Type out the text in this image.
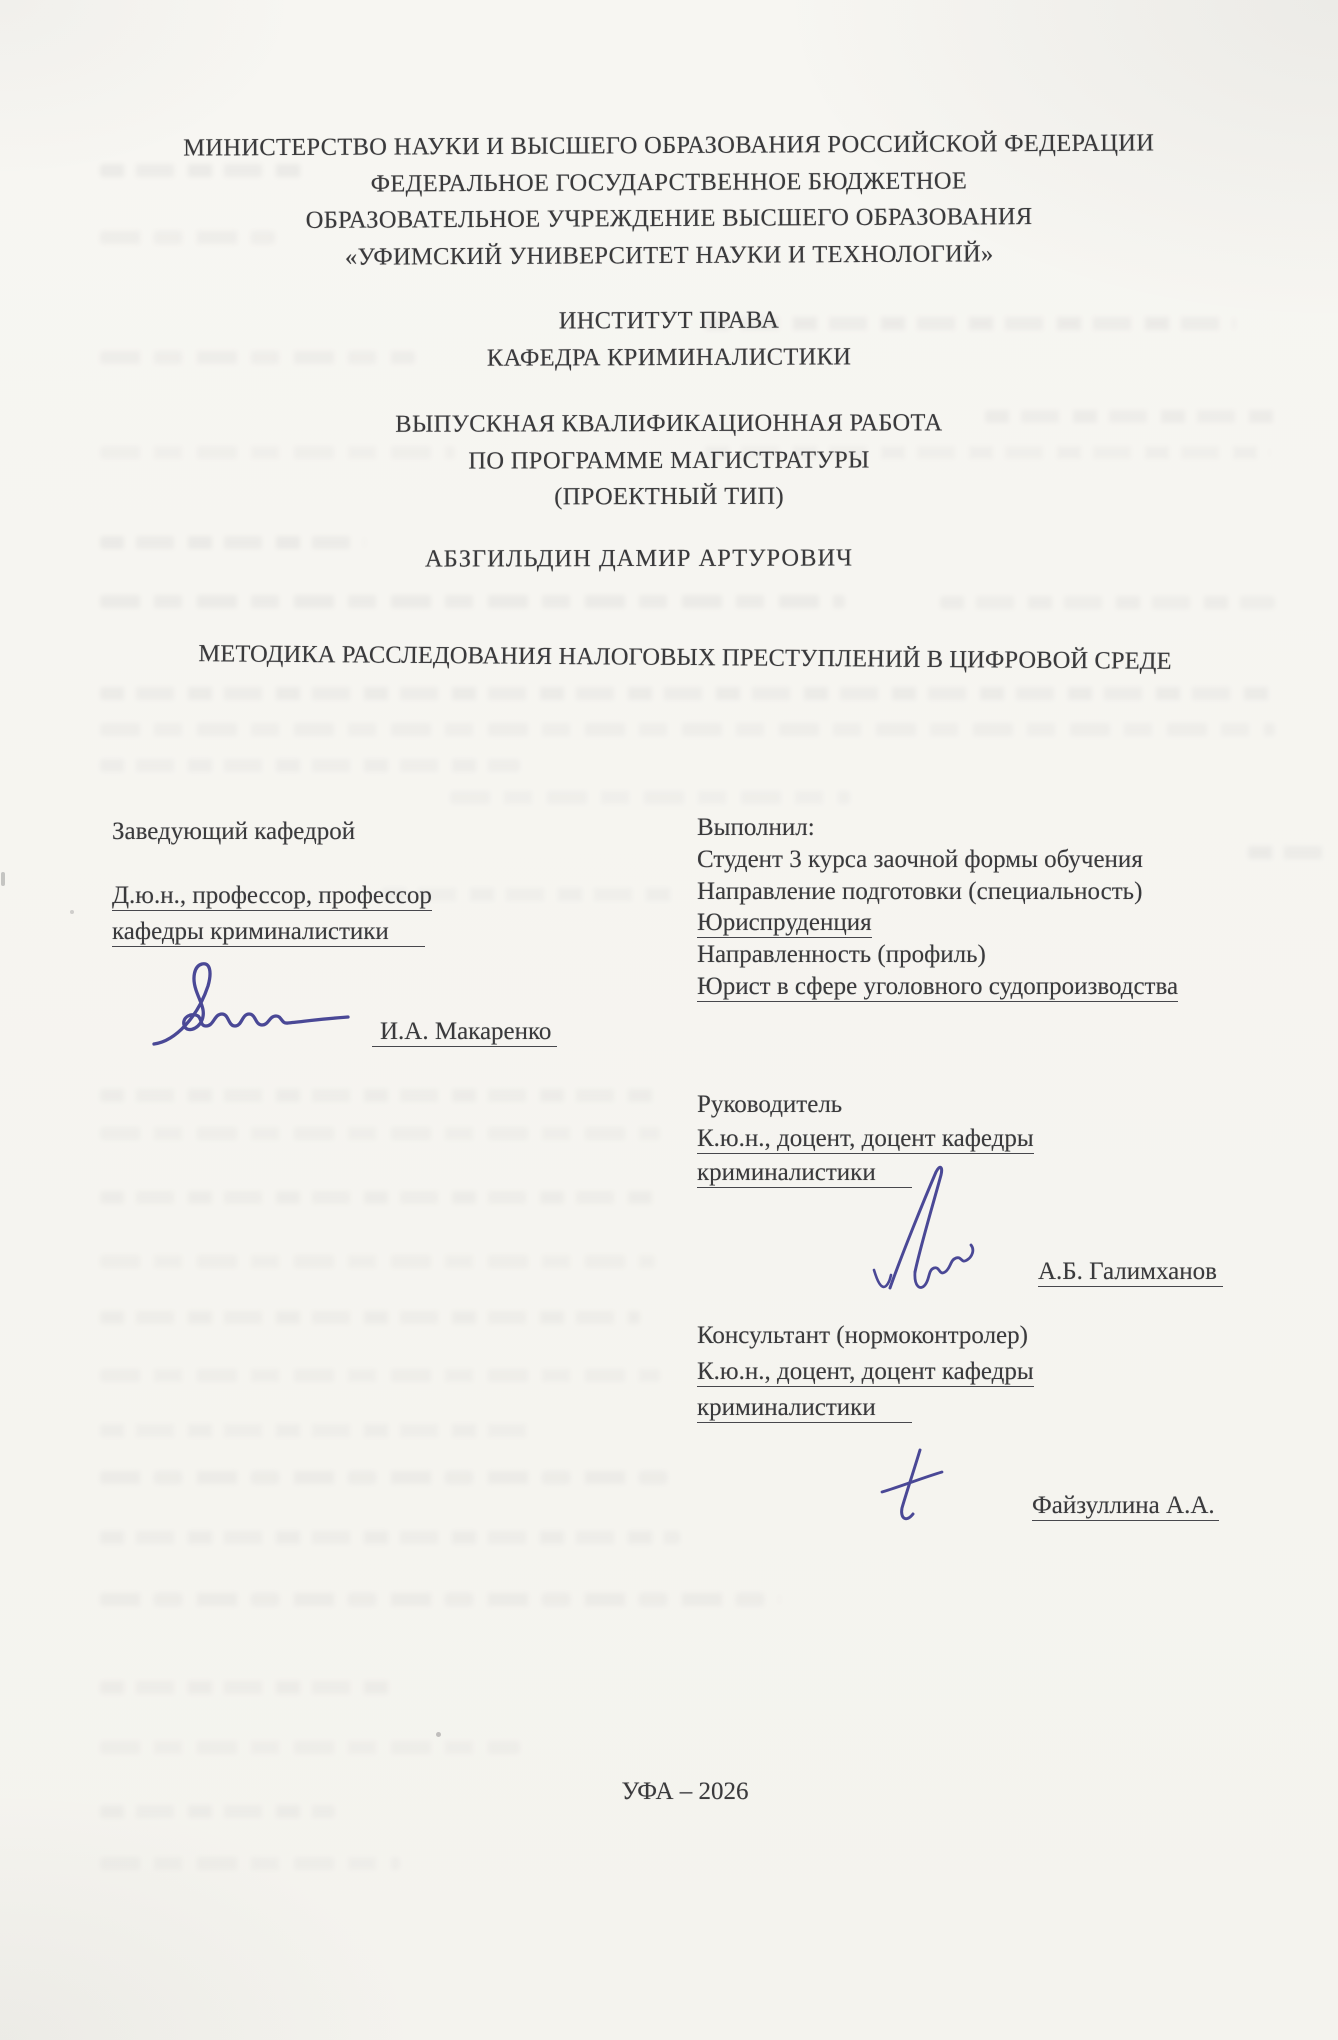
МИНИСТЕРСТВО НАУКИ И ВЫСШЕГО ОБРАЗОВАНИЯ РОССИЙСКОЙ ФЕДЕРАЦИИ
ФЕДЕРАЛЬНОЕ ГОСУДАРСТВЕННОЕ БЮДЖЕТНОЕ
ОБРАЗОВАТЕЛЬНОЕ УЧРЕЖДЕНИЕ ВЫСШЕГО ОБРАЗОВАНИЯ
«УФИМСКИЙ УНИВЕРСИТЕТ НАУКИ И ТЕХНОЛОГИЙ»
ИНСТИТУТ ПРАВА
КАФЕДРА КРИМИНАЛИСТИКИ
ВЫПУСКНАЯ КВАЛИФИКАЦИОННАЯ РАБОТА
ПО ПРОГРАММЕ МАГИСТРАТУРЫ
(ПРОЕКТНЫЙ ТИП)
АБЗГИЛЬДИН ДАМИР АРТУРОВИЧ
МЕТОДИКА РАССЛЕДОВАНИЯ НАЛОГОВЫХ ПРЕСТУПЛЕНИЙ В ЦИФРОВОЙ СРЕДЕ
Заведующий кафедрой
Д.ю.н., профессор, профессор
кафедры криминалистики
И.А. Макаренко
Выполнил:
Студент 3 курса заочной формы обучения
Направление подготовки (специальность)
Юриспруденция
Направленность (профиль)
Юрист в сфере уголовного судопроизводства
Руководитель
К.ю.н., доцент, доцент кафедры
криминалистики
А.Б. Галимханов
Консультант (нормоконтролер)
К.ю.н., доцент, доцент кафедры
криминалистики
Файзуллина А.А.
УФА – 2026
